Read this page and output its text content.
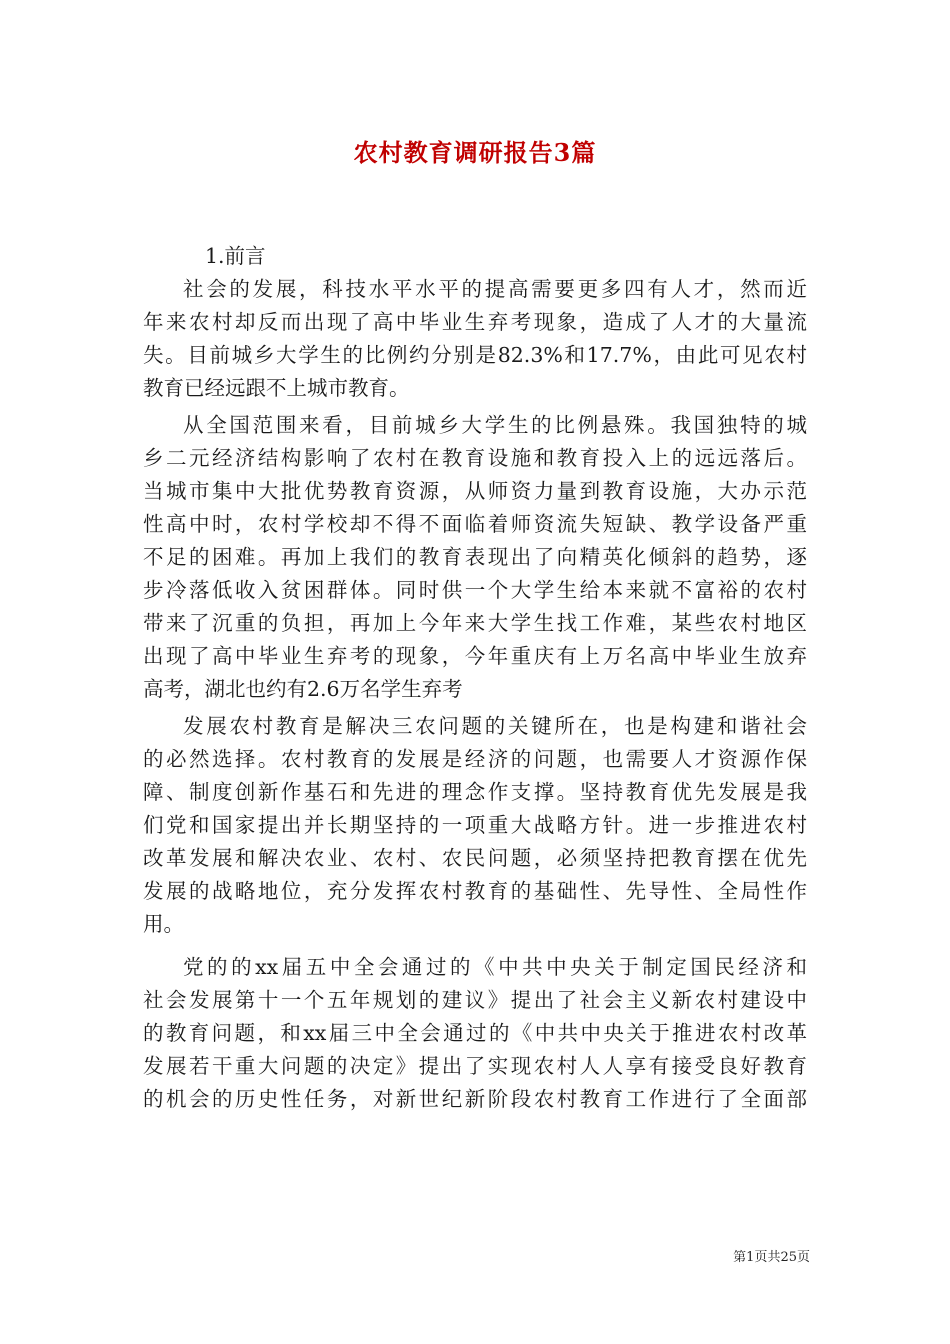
农村教育调研报告3篇
1.前言
社会的发展，科技水平水平的提高需要更多四有人才，然而近
年来农村却反而出现了高中毕业生弃考现象，造成了人才的大量流
失。目前城乡大学生的比例约分别是82.3%和17.7%，由此可见农村
教育已经远跟不上城市教育。
从全国范围来看，目前城乡大学生的比例悬殊。我国独特的城
乡二元经济结构影响了农村在教育设施和教育投入上的远远落后。
当城市集中大批优势教育资源，从师资力量到教育设施，大办示范
性高中时，农村学校却不得不面临着师资流失短缺、教学设备严重
不足的困难。再加上我们的教育表现出了向精英化倾斜的趋势，逐
步冷落低收入贫困群体。同时供一个大学生给本来就不富裕的农村
带来了沉重的负担，再加上今年来大学生找工作难，某些农村地区
出现了高中毕业生弃考的现象，今年重庆有上万名高中毕业生放弃
高考，湖北也约有2.6万名学生弃考
发展农村教育是解决三农问题的关键所在，也是构建和谐社会
的必然选择。农村教育的发展是经济的问题，也需要人才资源作保
障、制度创新作基石和先进的理念作支撑。坚持教育优先发展是我
们党和国家提出并长期坚持的一项重大战略方针。进一步推进农村
改革发展和解决农业、农村、农民问题，必须坚持把教育摆在优先
发展的战略地位，充分发挥农村教育的基础性、先导性、全局性作
用。
党的的xx届五中全会通过的《中共中央关于制定国民经济和
社会发展第十一个五年规划的建议》提出了社会主义新农村建设中
的教育问题，和xx届三中全会通过的《中共中央关于推进农村改革
发展若干重大问题的决定》提出了实现农村人人享有接受良好教育
的机会的历史性任务，对新世纪新阶段农村教育工作进行了全面部
第1页共25页
